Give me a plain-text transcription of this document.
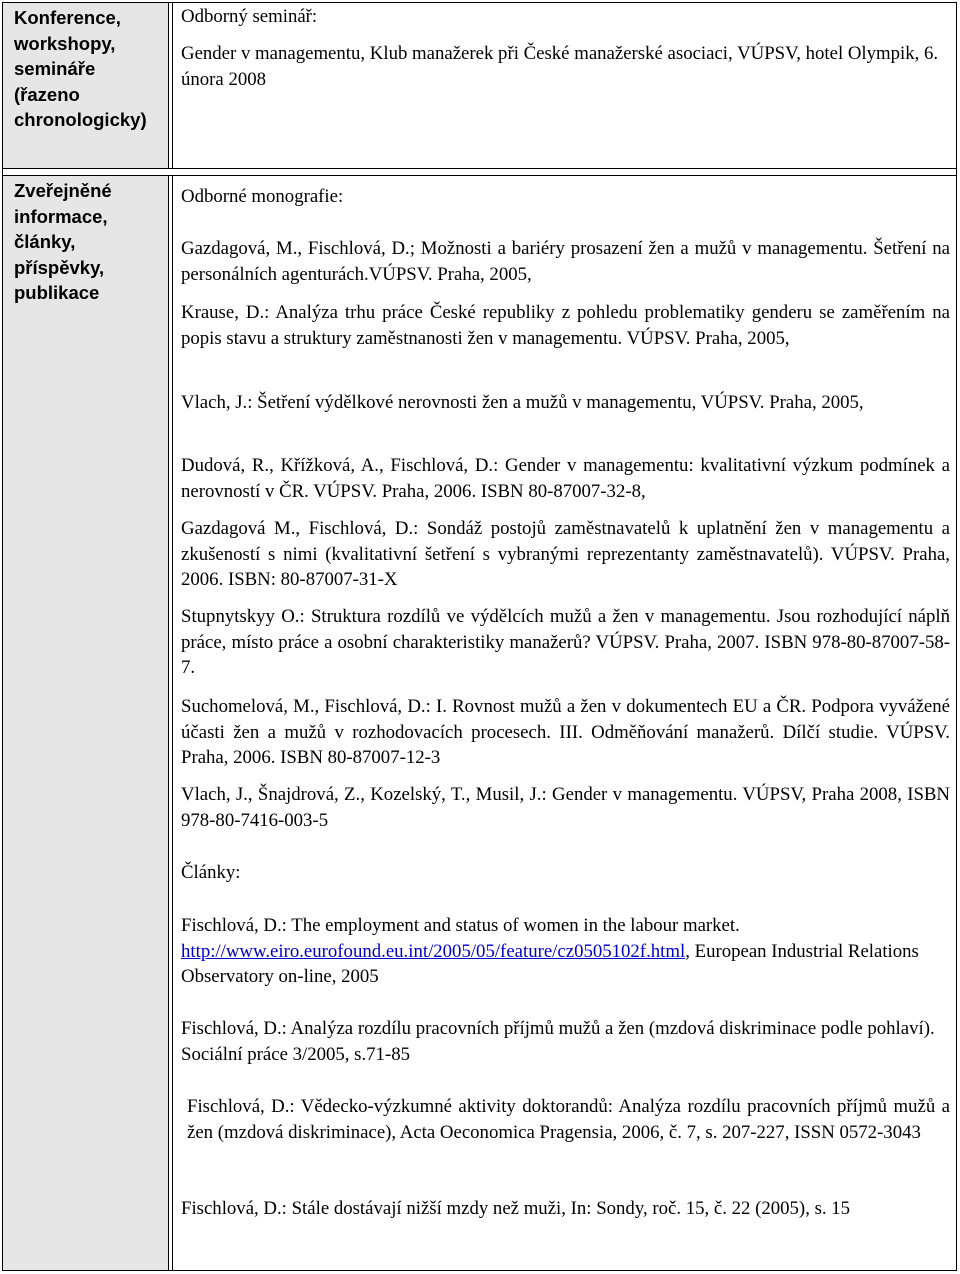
Konference, workshopy, semináře (řazeno chronologicky)

Odborný seminář:

Gender v managementu, Klub manažerek při České manažerské asociaci, VÚPSV, hotel Olympik, 6. února 2008

Zveřejněné informace, články, příspěvky, publikace

Odborné monografie:

Gazdagová, M., Fischlová, D.; Možnosti a bariéry prosazení žen a mužů v managementu. Šetření na personálních agenturách.VÚPSV. Praha, 2005,

Krause, D.: Analýza trhu práce České republiky z pohledu problematiky genderu se zaměřením na popis stavu a struktury zaměstnanosti žen v managementu. VÚPSV. Praha, 2005,

Vlach, J.: Šetření výdělkové nerovnosti žen a mužů v managementu, VÚPSV. Praha, 2005,

Dudová, R., Křížková, A., Fischlová, D.: Gender v managementu: kvalitativní výzkum podmínek a nerovností v ČR. VÚPSV. Praha, 2006. ISBN 80-87007-32-8,

Gazdagová M., Fischlová, D.: Sondáž postojů zaměstnavatelů k uplatnění žen v managementu a zkušeností s nimi (kvalitativní šetření s vybranými reprezentanty zaměstnavatelů). VÚPSV. Praha, 2006. ISBN: 80-87007-31-X

Stupnytskyy O.: Struktura rozdílů ve výdělcích mužů a žen v managementu. Jsou rozhodující náplň práce, místo práce a osobní charakteristiky manažerů? VÚPSV. Praha, 2007. ISBN 978-80-87007-58-7.

Suchomelová, M., Fischlová, D.: I. Rovnost mužů a žen v dokumentech EU a ČR. Podpora vyvážené účasti žen a mužů v rozhodovacích procesech. III. Odměňování manažerů. Dílčí studie. VÚPSV. Praha, 2006. ISBN 80-87007-12-3

Vlach, J., Šnajdrová, Z., Kozelský, T., Musil, J.: Gender v managementu. VÚPSV, Praha 2008, ISBN 978-80-7416-003-5

Články:

Fischlová, D.: The employment and status of women in the labour market. http://www.eiro.eurofound.eu.int/2005/05/feature/cz0505102f.html, European Industrial Relations Observatory on-line, 2005

Fischlová, D.: Analýza rozdílu pracovních příjmů mužů a žen (mzdová diskriminace podle pohlaví). Sociální práce 3/2005, s.71-85

Fischlová, D.: Vědecko-výzkumné aktivity doktorandů: Analýza rozdílu pracovních příjmů mužů a žen (mzdová diskriminace), Acta Oeconomica Pragensia, 2006, č. 7, s. 207-227, ISSN 0572-3043

Fischlová, D.: Stále dostávají nižší mzdy než muži, In: Sondy, roč. 15, č. 22 (2005), s. 15
